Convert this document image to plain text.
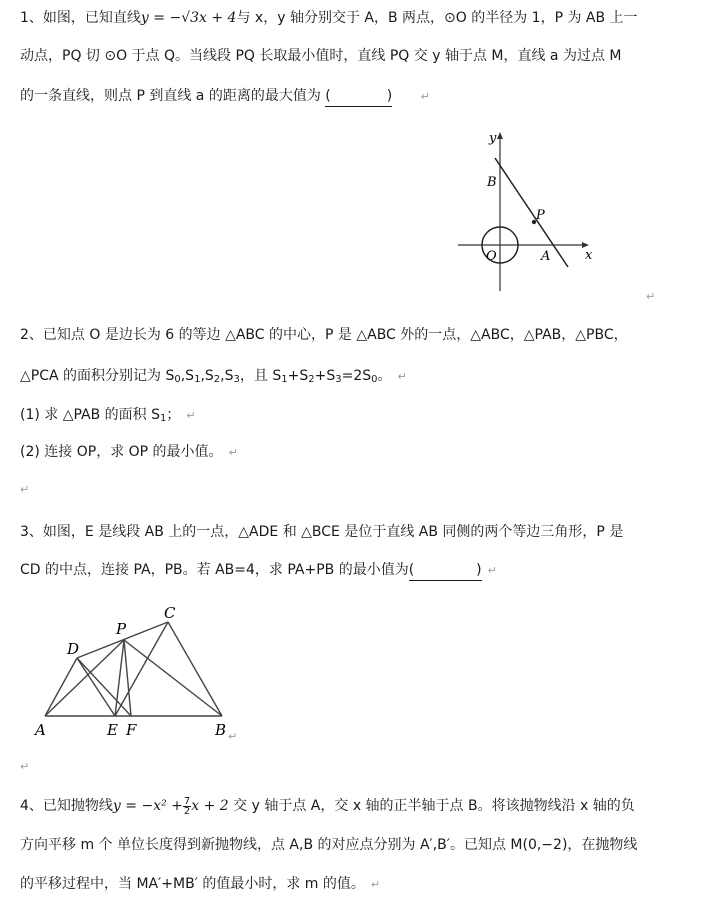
1、如图，已知直线y = −√3x + 4与 x，y 轴分别交于 A，B 两点，⊙O 的半径为 1，P 为 AB 上一
动点，PQ 切 ⊙O 于点 Q。当线段 PQ 长取最小值时，直线 PQ 交 y 轴于点 M，直线 a 为过点 M
的一条直线，则点 P 到直线 a 的距离的最大值为 (	)	↵
y
B
P
O	A	x
↵
2、已知点 O 是边长为 6 的等边 △ABC 的中心，P 是 △ABC 外的一点，△ABC，△PAB，△PBC，
△PCA 的面积分别记为 $S_0,S_1,S_2,S_3$，且 $S_1+S_2+S_3=2S_0$。 ↵
(1) 求 △PAB 的面积 $S_1$； ↵
(2) 连接 OP，求 OP 的最小值。 ↵
↵
3、如图，E 是线段 AB 上的一点，△ADE 和 △BCE 是位于直线 AB 同侧的两个等边三角形，P 是
CD 的中点，连接 PA，PB。若 AB=4，求 PA+PB 的最小值为(	) ↵
A	B
C
D
E F
P
↵
↵
4、已知抛物线$y = -x^2 + \frac{7}{2}$ x + 2 交 y 轴于点 A，交 x 轴的正半轴于点 B。将该抛物线沿 x 轴的负
方向平移 m 个 单位长度得到新抛物线，点 A,B 的对应点分别为 A′,B′。已知点 M(0,−2)，在抛物线
的平移过程中，当 MA′+MB′ 的值最小时，求 m 的值。 ↵
